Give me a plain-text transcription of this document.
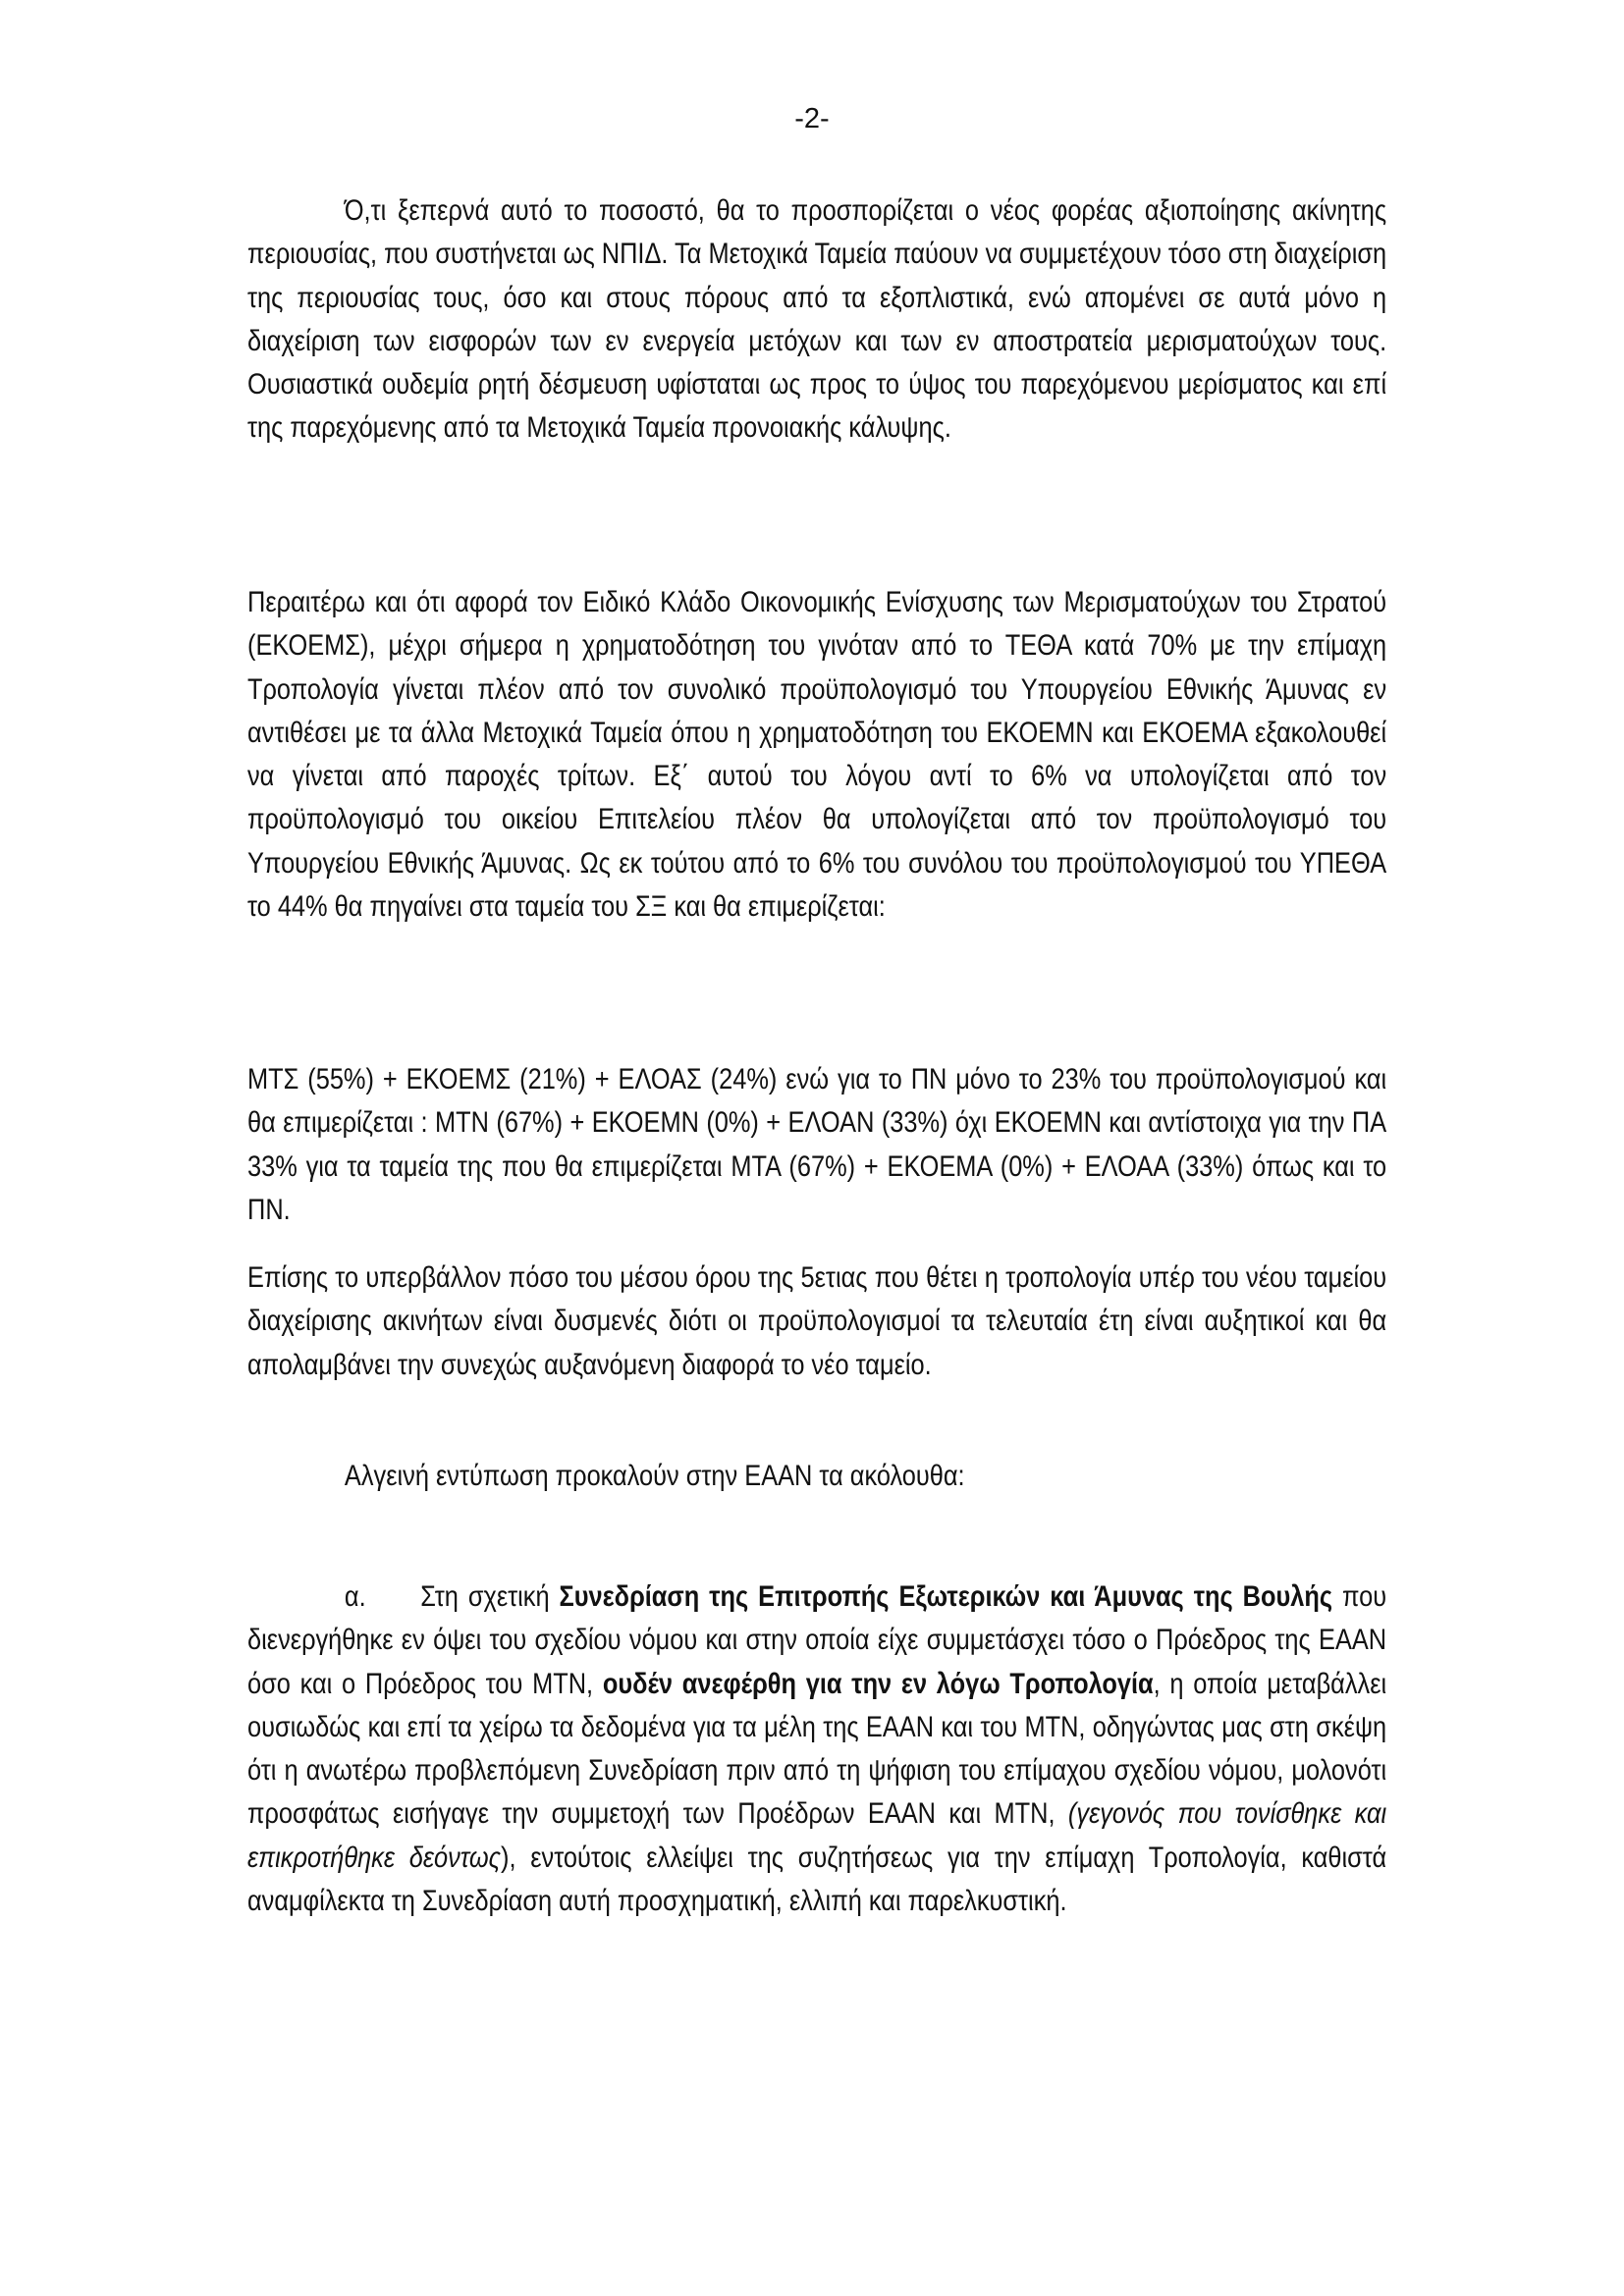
-2-

Ό,τι ξεπερνά αυτό το ποσοστό, θα το προσπορίζεται ο νέος φορέας αξιοποίησης ακίνητης περιουσίας, που συστήνεται ως ΝΠΙΔ. Τα Μετοχικά Ταμεία παύουν να συμμετέχουν τόσο στη διαχείριση της περιουσίας τους, όσο και στους πόρους από τα εξοπλιστικά, ενώ απομένει σε αυτά μόνο η διαχείριση των εισφορών των εν ενεργεία μετόχων και των εν αποστρατεία μερισματούχων τους. Ουσιαστικά ουδεμία ρητή δέσμευση υφίσταται ως προς το ύψος του παρεχόμενου μερίσματος και επί της παρεχόμενης από τα Μετοχικά Ταμεία προνοιακής κάλυψης.

Περαιτέρω και ότι αφορά τον Ειδικό Κλάδο Οικονομικής Ενίσχυσης των Μερισματούχων του Στρατού (ΕΚΟΕΜΣ), μέχρι σήμερα η χρηματοδότηση του γινόταν από το ΤΕΘΑ κατά 70% με την επίμαχη Τροπολογία γίνεται πλέον από τον συνολικό προϋπολογισμό του Υπουργείου Εθνικής Άμυνας εν αντιθέσει με τα άλλα Μετοχικά Ταμεία όπου η χρηματοδότηση του ΕΚΟΕΜΝ και ΕΚΟΕΜΑ εξακολουθεί να γίνεται από παροχές τρίτων. Εξ΄ αυτού του λόγου αντί το 6% να υπολογίζεται από τον προϋπολογισμό του οικείου Επιτελείου πλέον θα υπολογίζεται από τον προϋπολογισμό του Υπουργείου Εθνικής Άμυνας. Ως εκ τούτου από το 6% του συνόλου του προϋπολογισμού του ΥΠΕΘΑ το 44% θα πηγαίνει στα ταμεία του ΣΞ και θα επιμερίζεται:

ΜΤΣ (55%) + ΕΚΟΕΜΣ (21%) + ΕΛΟΑΣ (24%) ενώ για το ΠΝ μόνο το 23% του προϋπολογισμού και θα επιμερίζεται : ΜΤΝ (67%) + ΕΚΟΕΜΝ (0%) + ΕΛΟΑΝ (33%) όχι ΕΚΟΕΜΝ και αντίστοιχα για την ΠΑ 33% για τα ταμεία της που θα επιμερίζεται ΜΤΑ (67%) + ΕΚΟΕΜΑ (0%) + ΕΛΟΑΑ (33%) όπως και το ΠΝ.

Επίσης το υπερβάλλον πόσο του μέσου όρου της 5ετιας που θέτει η τροπολογία υπέρ του νέου ταμείου διαχείρισης ακινήτων είναι δυσμενές διότι οι προϋπολογισμοί τα τελευταία έτη είναι αυξητικοί και θα απολαμβάνει την συνεχώς αυξανόμενη διαφορά το νέο ταμείο.

Αλγεινή εντύπωση προκαλούν στην ΕΑΑΝ τα ακόλουθα:

α. Στη σχετική Συνεδρίαση της Επιτροπής Εξωτερικών και Άμυνας της Βουλής που διενεργήθηκε εν όψει του σχεδίου νόμου και στην οποία είχε συμμετάσχει τόσο ο Πρόεδρος της ΕΑΑΝ όσο και ο Πρόεδρος του ΜΤΝ, ουδέν ανεφέρθη για την εν λόγω Τροπολογία, η οποία μεταβάλλει ουσιωδώς και επί τα χείρω τα δεδομένα για τα μέλη της ΕΑΑΝ και του ΜΤΝ, οδηγώντας μας στη σκέψη ότι η ανωτέρω προβλεπόμενη Συνεδρίαση πριν από τη ψήφιση του επίμαχου σχεδίου νόμου, μολονότι προσφάτως εισήγαγε την συμμετοχή των Προέδρων ΕΑΑΝ και ΜΤΝ, (γεγονός που τονίσθηκε και επικροτήθηκε δεόντως), εντούτοις ελλείψει της συζητήσεως για την επίμαχη Τροπολογία, καθιστά αναμφίλεκτα τη Συνεδρίαση αυτή προσχηματική, ελλιπή και παρελκυστική.
